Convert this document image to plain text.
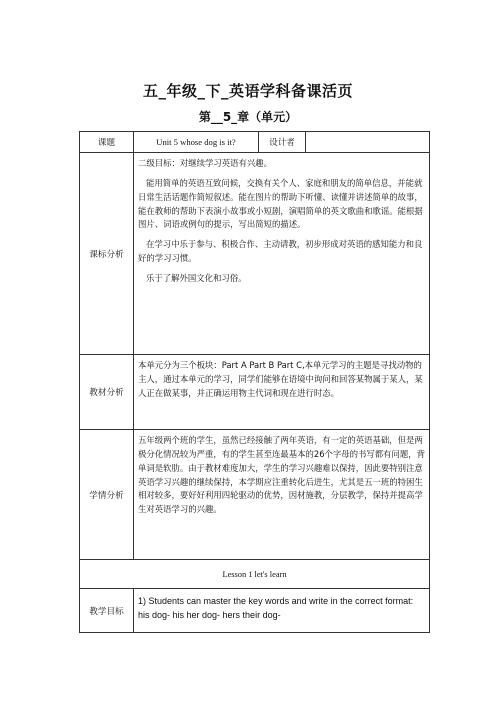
五_年级_下_英语学科备课活页
第__5_章（单元）
课题	Unit 5 whose dog is it?	设计者	
课标分析	二级目标：对继续学习英语有兴趣。

能用简单的英语互致问候，交换有关个人、家庭和朋友的简单信息，并能就日常生活话题作简短叙述。能在图片的帮助下听懂、读懂并讲述简单的故事，能在教师的帮助下表演小故事或小短剧，演唱简单的英文歌曲和歌谣。能根据图片、词语或例句的提示，写出简短的描述。

在学习中乐于参与、积极合作、主动请教，初步形成对英语的感知能力和良好的学习习惯。

乐于了解外国文化和习俗。		

教材分析	本单元分为三个板块：Part A Part B Part C,本单元学习的主题是寻找动物的主人，通过本单元的学习，同学们能够在语境中询问和回答某物属于某人，某人正在做某事，并正确运用物主代词和现在进行时态。		
学情分析	五年级两个班的学生，虽然已经接触了两年英语，有一定的英语基础，但是两极分化情况较为严重，有的学生甚至连最基本的26个字母的书写都有问题，背单词是软肋。由于教材难度加大，学生的学习兴趣难以保持，因此要特别注意英语学习兴趣的继续保持，本学期应注重转化后进生，尤其是五一班的特困生相对较多，要好好利用四轮驱动的优势，因材施教，分层教学，保持并提高学生对英语学习的兴趣。		
Lesson 1 let's learn			
教学目标	1) Students can master the key words and write in the correct format: his dog- his her dog- hers their dog-		
